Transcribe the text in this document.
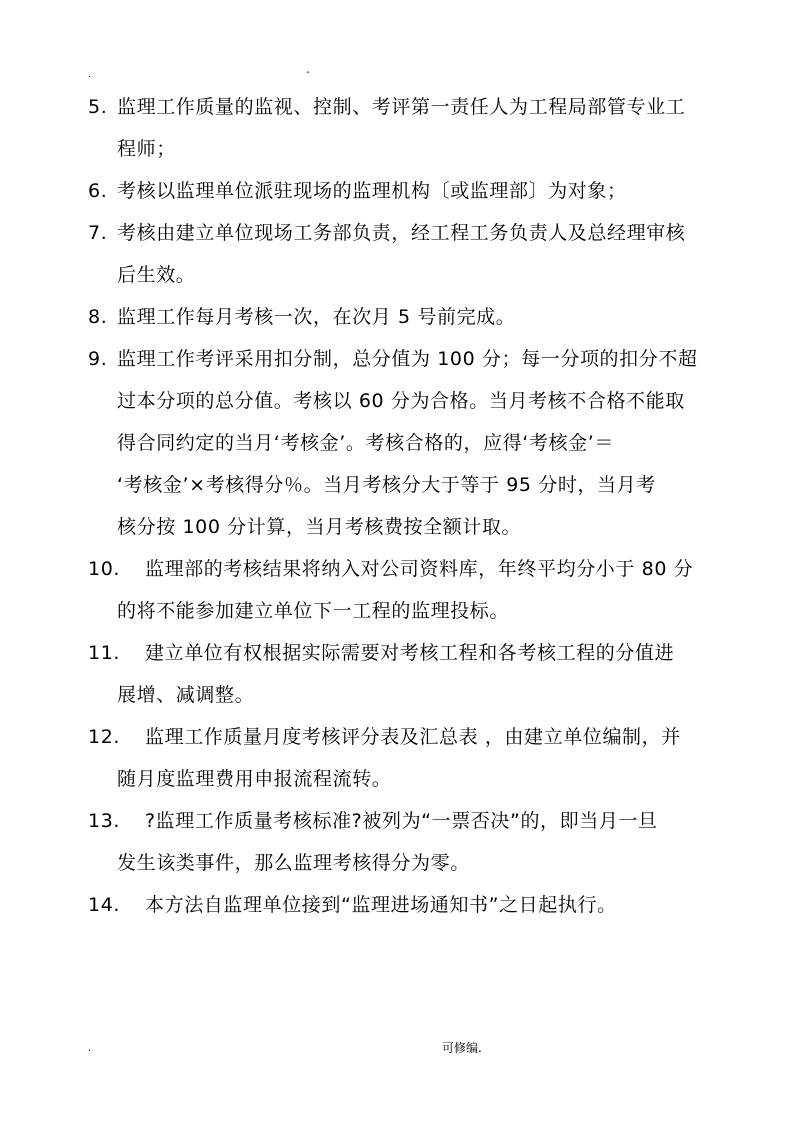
.	-
5. 监理工作质量的监视、控制、考评第一责任人为工程局部管专业工
程师；
6. 考核以监理单位派驻现场的监理机构〔或监理部〕为对象；
7. 考核由建立单位现场工务部负责，经工程工务负责人及总经理审核
后生效。
8. 监理工作每月考核一次，在次月 5 号前完成。
9. 监理工作考评采用扣分制，总分值为 100 分；每一分项的扣分不超
过本分项的总分值。考核以 60 分为合格。当月考核不合格不能取
得合同约定的当月‘考核金’。考核合格的，应得‘考核金’＝
‘考核金’×考核得分％。当月考核分大于等于 95 分时，当月考
核分按 100 分计算，当月考核费按全额计取。
10.	监理部的考核结果将纳入对公司资料库，年终平均分小于 80 分
的将不能参加建立单位下一工程的监理投标。
11.	建立单位有权根据实际需要对考核工程和各考核工程的分值进
展增、减调整。
12.	监理工作质量月度考核评分表及汇总表 ，由建立单位编制，并
随月度监理费用申报流程流转。
13.	?监理工作质量考核标准?被列为“一票否决”的，即当月一旦
发生该类事件，那么监理考核得分为零。
14.	本方法自监理单位接到“监理进场通知书”之日起执行。
.	可修编.
